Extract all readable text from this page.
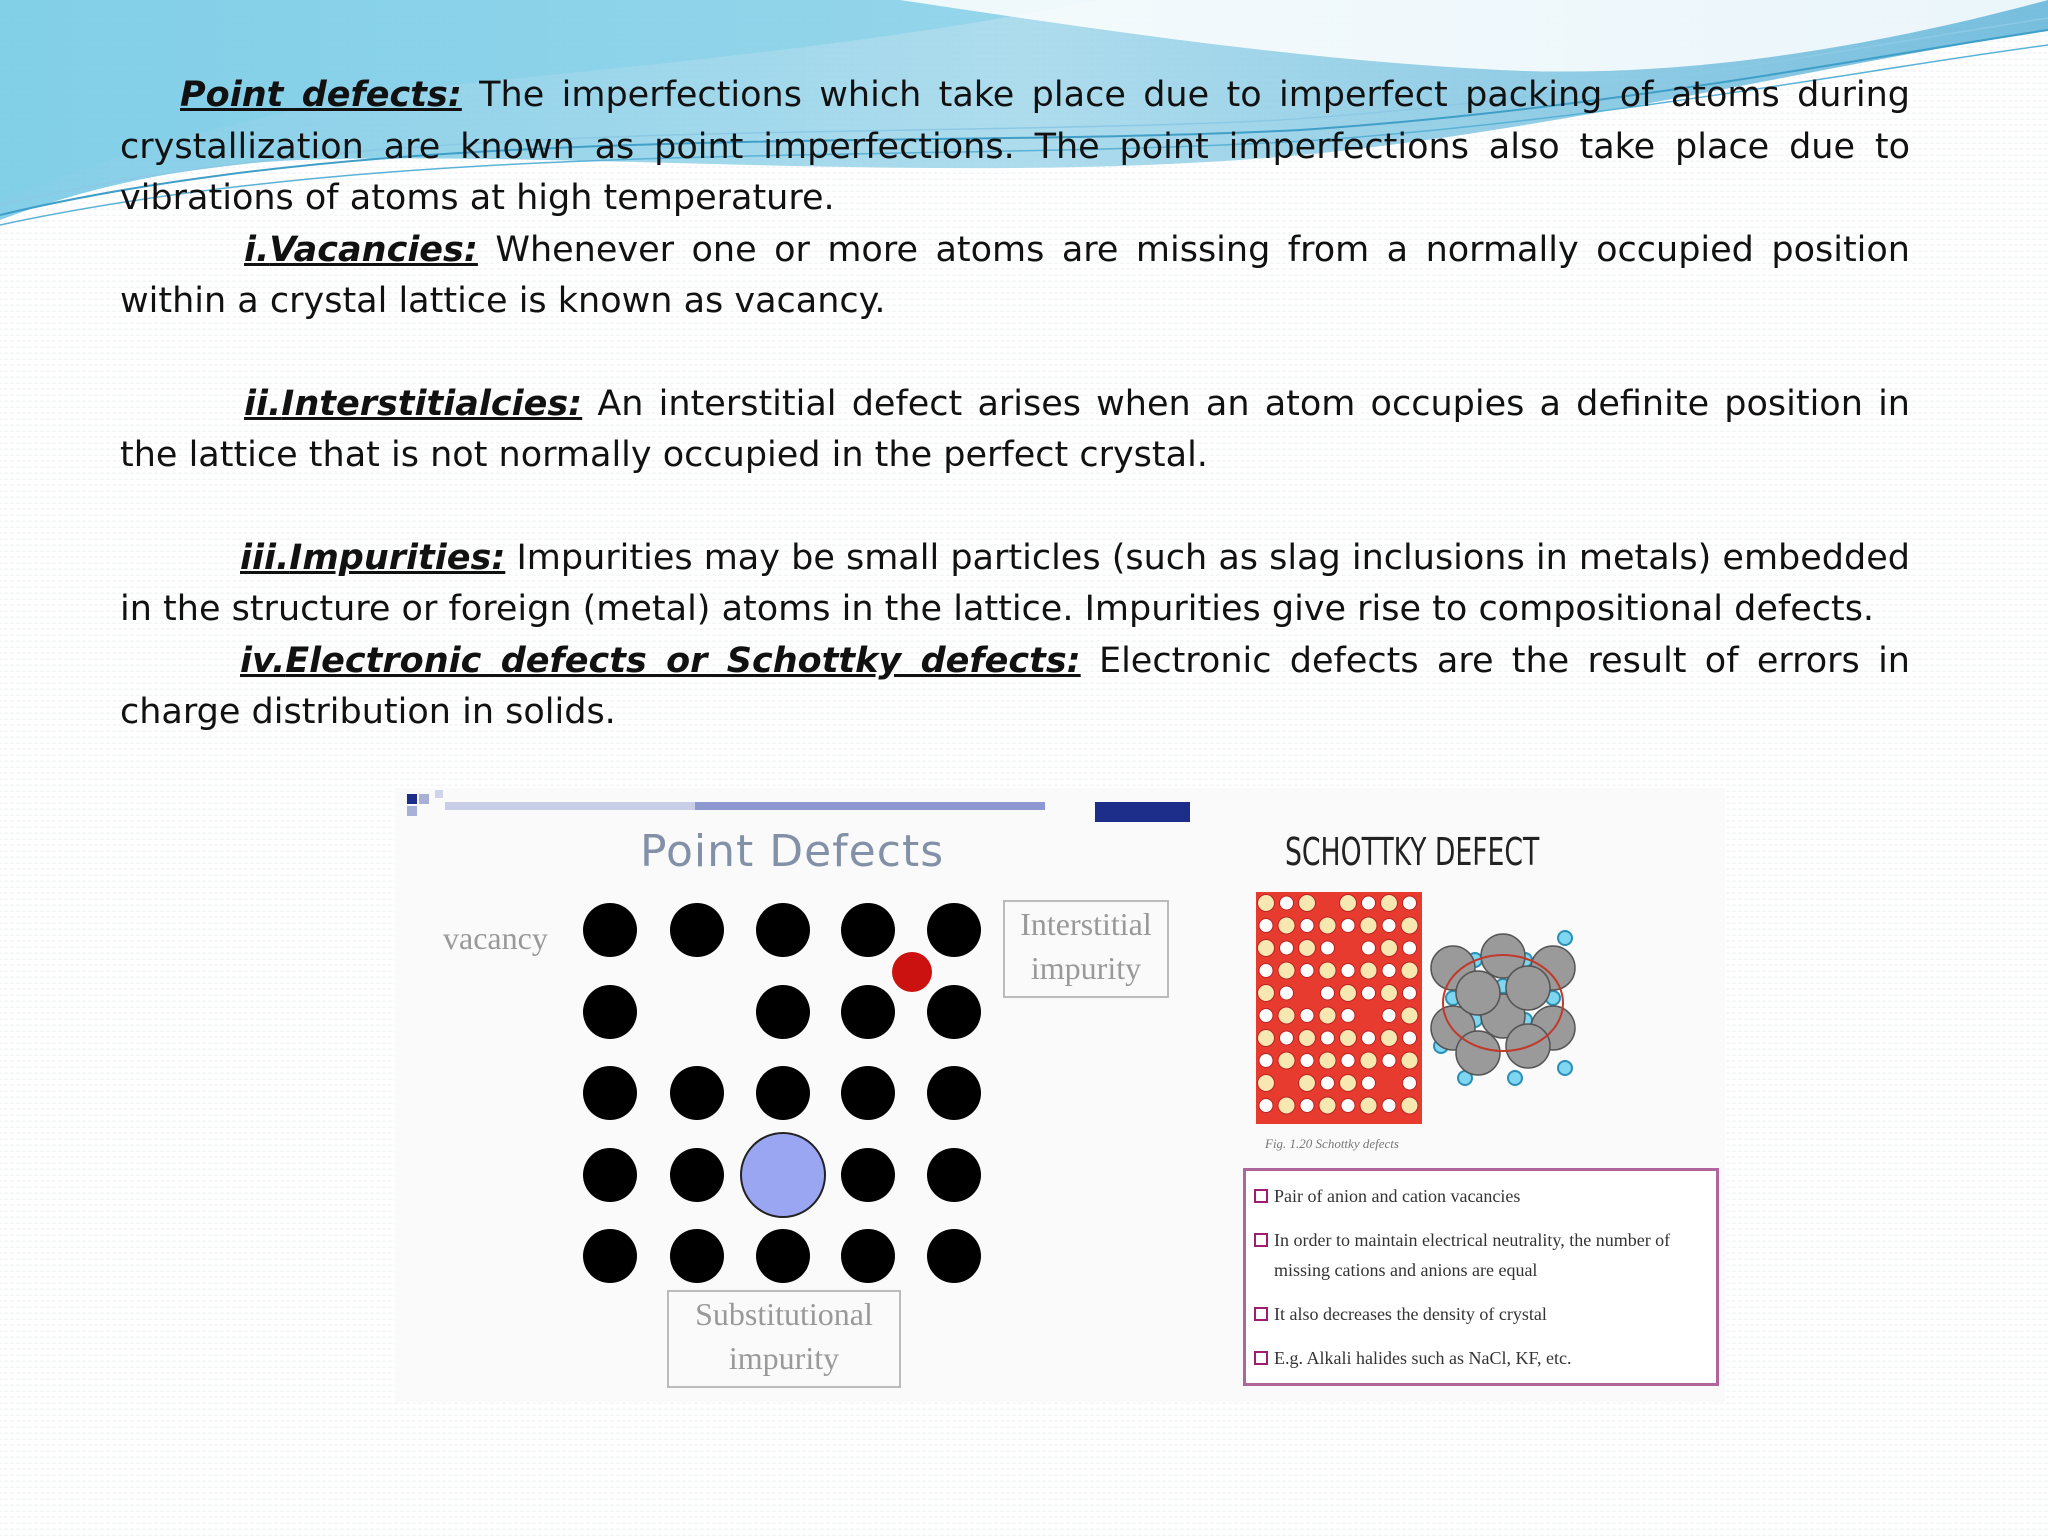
Point defects: The imperfections which take place due to imperfect packing of atoms during crystallization are known as point imperfections. The point imperfections also take place due to vibrations of atoms at high temperature.

i.Vacancies: Whenever one or more atoms are missing from a normally occupied position within a crystal lattice is known as vacancy.

ii.Interstitialcies: An interstitial defect arises when an atom occupies a definite position in the lattice that is not normally occupied in the perfect crystal.

iii.Impurities: Impurities may be small particles (such as slag inclusions in metals) embedded in the structure or foreign (metal) atoms in the lattice. Impurities give rise to compositional defects.

iv.Electronic defects or Schottky defects: Electronic defects are the result of errors in charge distribution in solids.

Point Defects
vacancy	Interstitial
impurity
Substitutional
impurity
SCHOTTKY DEFECT
Fig. 1.20 Schottky defects
Pair of anion and cation vacancies
In order to maintain electrical neutrality, the number of missing cations and anions are equal
It also decreases the density of crystal
E.g. Alkali halides such as NaCl, KF, etc.
